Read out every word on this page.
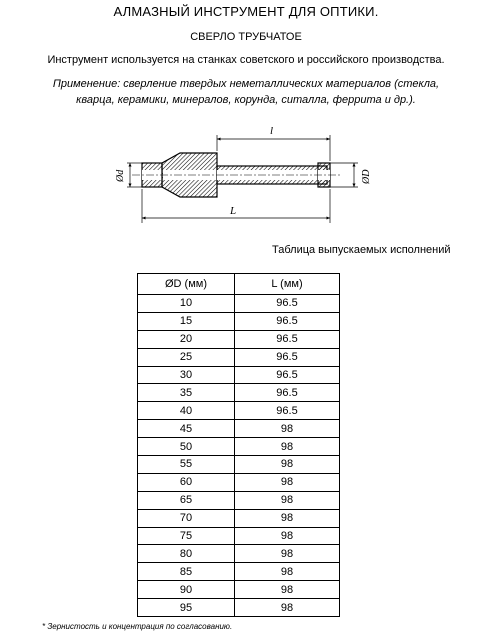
АЛМАЗНЫЙ ИНСТРУМЕНТ ДЛЯ ОПТИКИ.
СВЕРЛО ТРУБЧАТОЕ
Инструмент используется на станках советского и российского производства.
Применение: сверление твердых неметаллических материалов (стекла,
кварца, керамики, минералов, корунда, ситалла, феррита и др.).
l
L
Ød	ØD
Таблица выпускаемых исполнений
ØD (мм)	L (мм)
10	96.5
15	96.5
20	96.5
25	96.5
30	96.5
35	96.5
40	96.5
45	98
50	98
55	98
60	98
65	98
70	98
75	98
80	98
85	98
90	98
95	98
* Зернистость и концентрация по согласованию.
